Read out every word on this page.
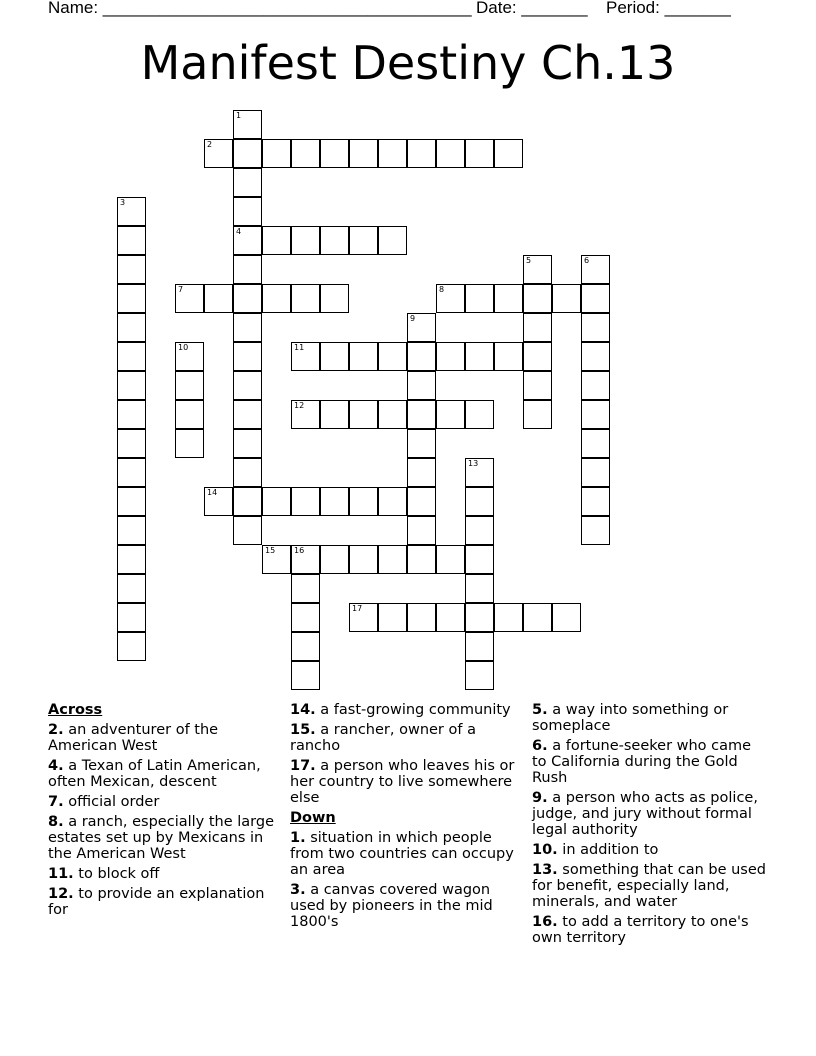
Name: _______________________________________ Date: _______ Period: _______
Manifest Destiny Ch.13
1
4
2
3
5	6
7	8
9
10	11
12
13
14
15 16
17

Across

2. an adventurer of the American West

4. a Texan of Latin American, often Mexican, descent

7. official order

8. a ranch, especially the large estates set up by Mexicans in the American West

11. to block off

12. to provide an explanation for

14. a fast-growing community

15. a rancher, owner of a rancho

17. a person who leaves his or her country to live somewhere else

Down

1. situation in which people from two countries can occupy an area

3. a canvas covered wagon used by pioneers in the mid 1800's

5. a way into something or someplace

6. a fortune-seeker who came to California during the Gold Rush

9. a person who acts as police, judge, and jury without formal legal authority

10. in addition to

13. something that can be used for benefit, especially land, minerals, and water

16. to add a territory to one's own territory
